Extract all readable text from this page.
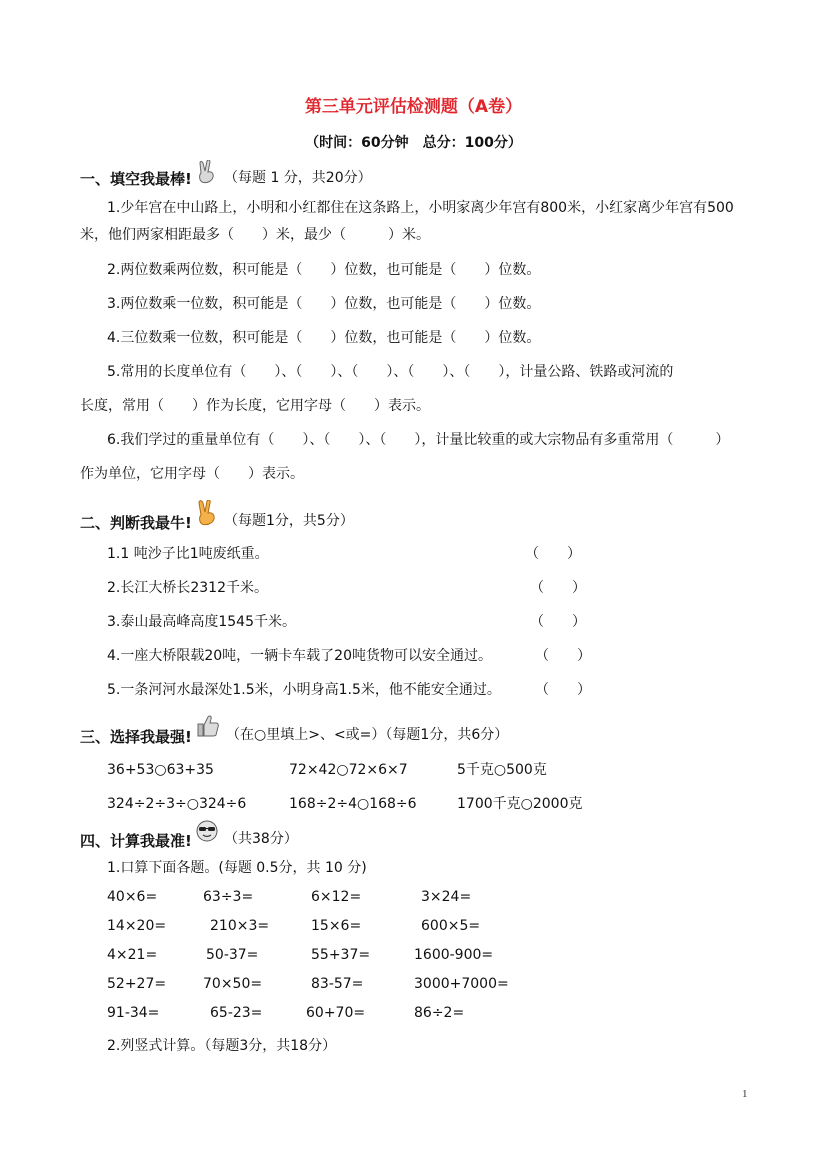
第三单元评估检测题（A卷）
（时间：60分钟　总分：100分）
一、填空我最棒! （每题 1 分，共20分）
1.少年宫在中山路上，小明和小红都住在这条路上，小明家离少年宫有800米，小红家离少年宫有500
米，他们两家相距最多（　　）米，最少（　　　）米。
2.两位数乘两位数，积可能是（　　）位数，也可能是（　　）位数。
3.两位数乘一位数，积可能是（　　）位数，也可能是（　　）位数。
4.三位数乘一位数，积可能是（　　）位数，也可能是（　　）位数。
5.常用的长度单位有（　　）、（　　）、（　　）、（　　）、（　　），计量公路、铁路或河流的
长度，常用（　　）作为长度，它用字母（　　）表示。
6.我们学过的重量单位有（　　）、（　　）、（　　），计量比较重的或大宗物品有多重常用（　　　）
作为单位，它用字母（　　）表示。
二、判断我最牛! （每题1分，共5分）
1.1 吨沙子比1吨废纸重。	（　　）
2.长江大桥长2312千米。	（　　）
3.泰山最高峰高度1545千米。	（　　）
4.一座大桥限载20吨，一辆卡车载了20吨货物可以安全通过。	（　　）
5.一条河河水最深处1.5米，小明身高1.5米，他不能安全通过。 （　　）
三、选择我最强! （在○里填上>、<或=）（每题1分，共6分）
36+53○63+35	72×42○72×6×7	5千克○500克
324÷2÷3÷○324÷6	168÷2÷4○168÷6	1700千克○2000克
四、计算我最准! （共38分）
1.口算下面各题。(每题 0.5分，共 10 分)
40×6=	63÷3=	6×12=	3×24=
14×20=	210×3=	15×6=	600×5=
4×21=	50-37=	55+37=	1600-900=
52+27=	70×50=	83-57=	3000+7000=
91-34=	65-23=	60+70=	86÷2=
2.列竖式计算。（每题3分，共18分）
1
